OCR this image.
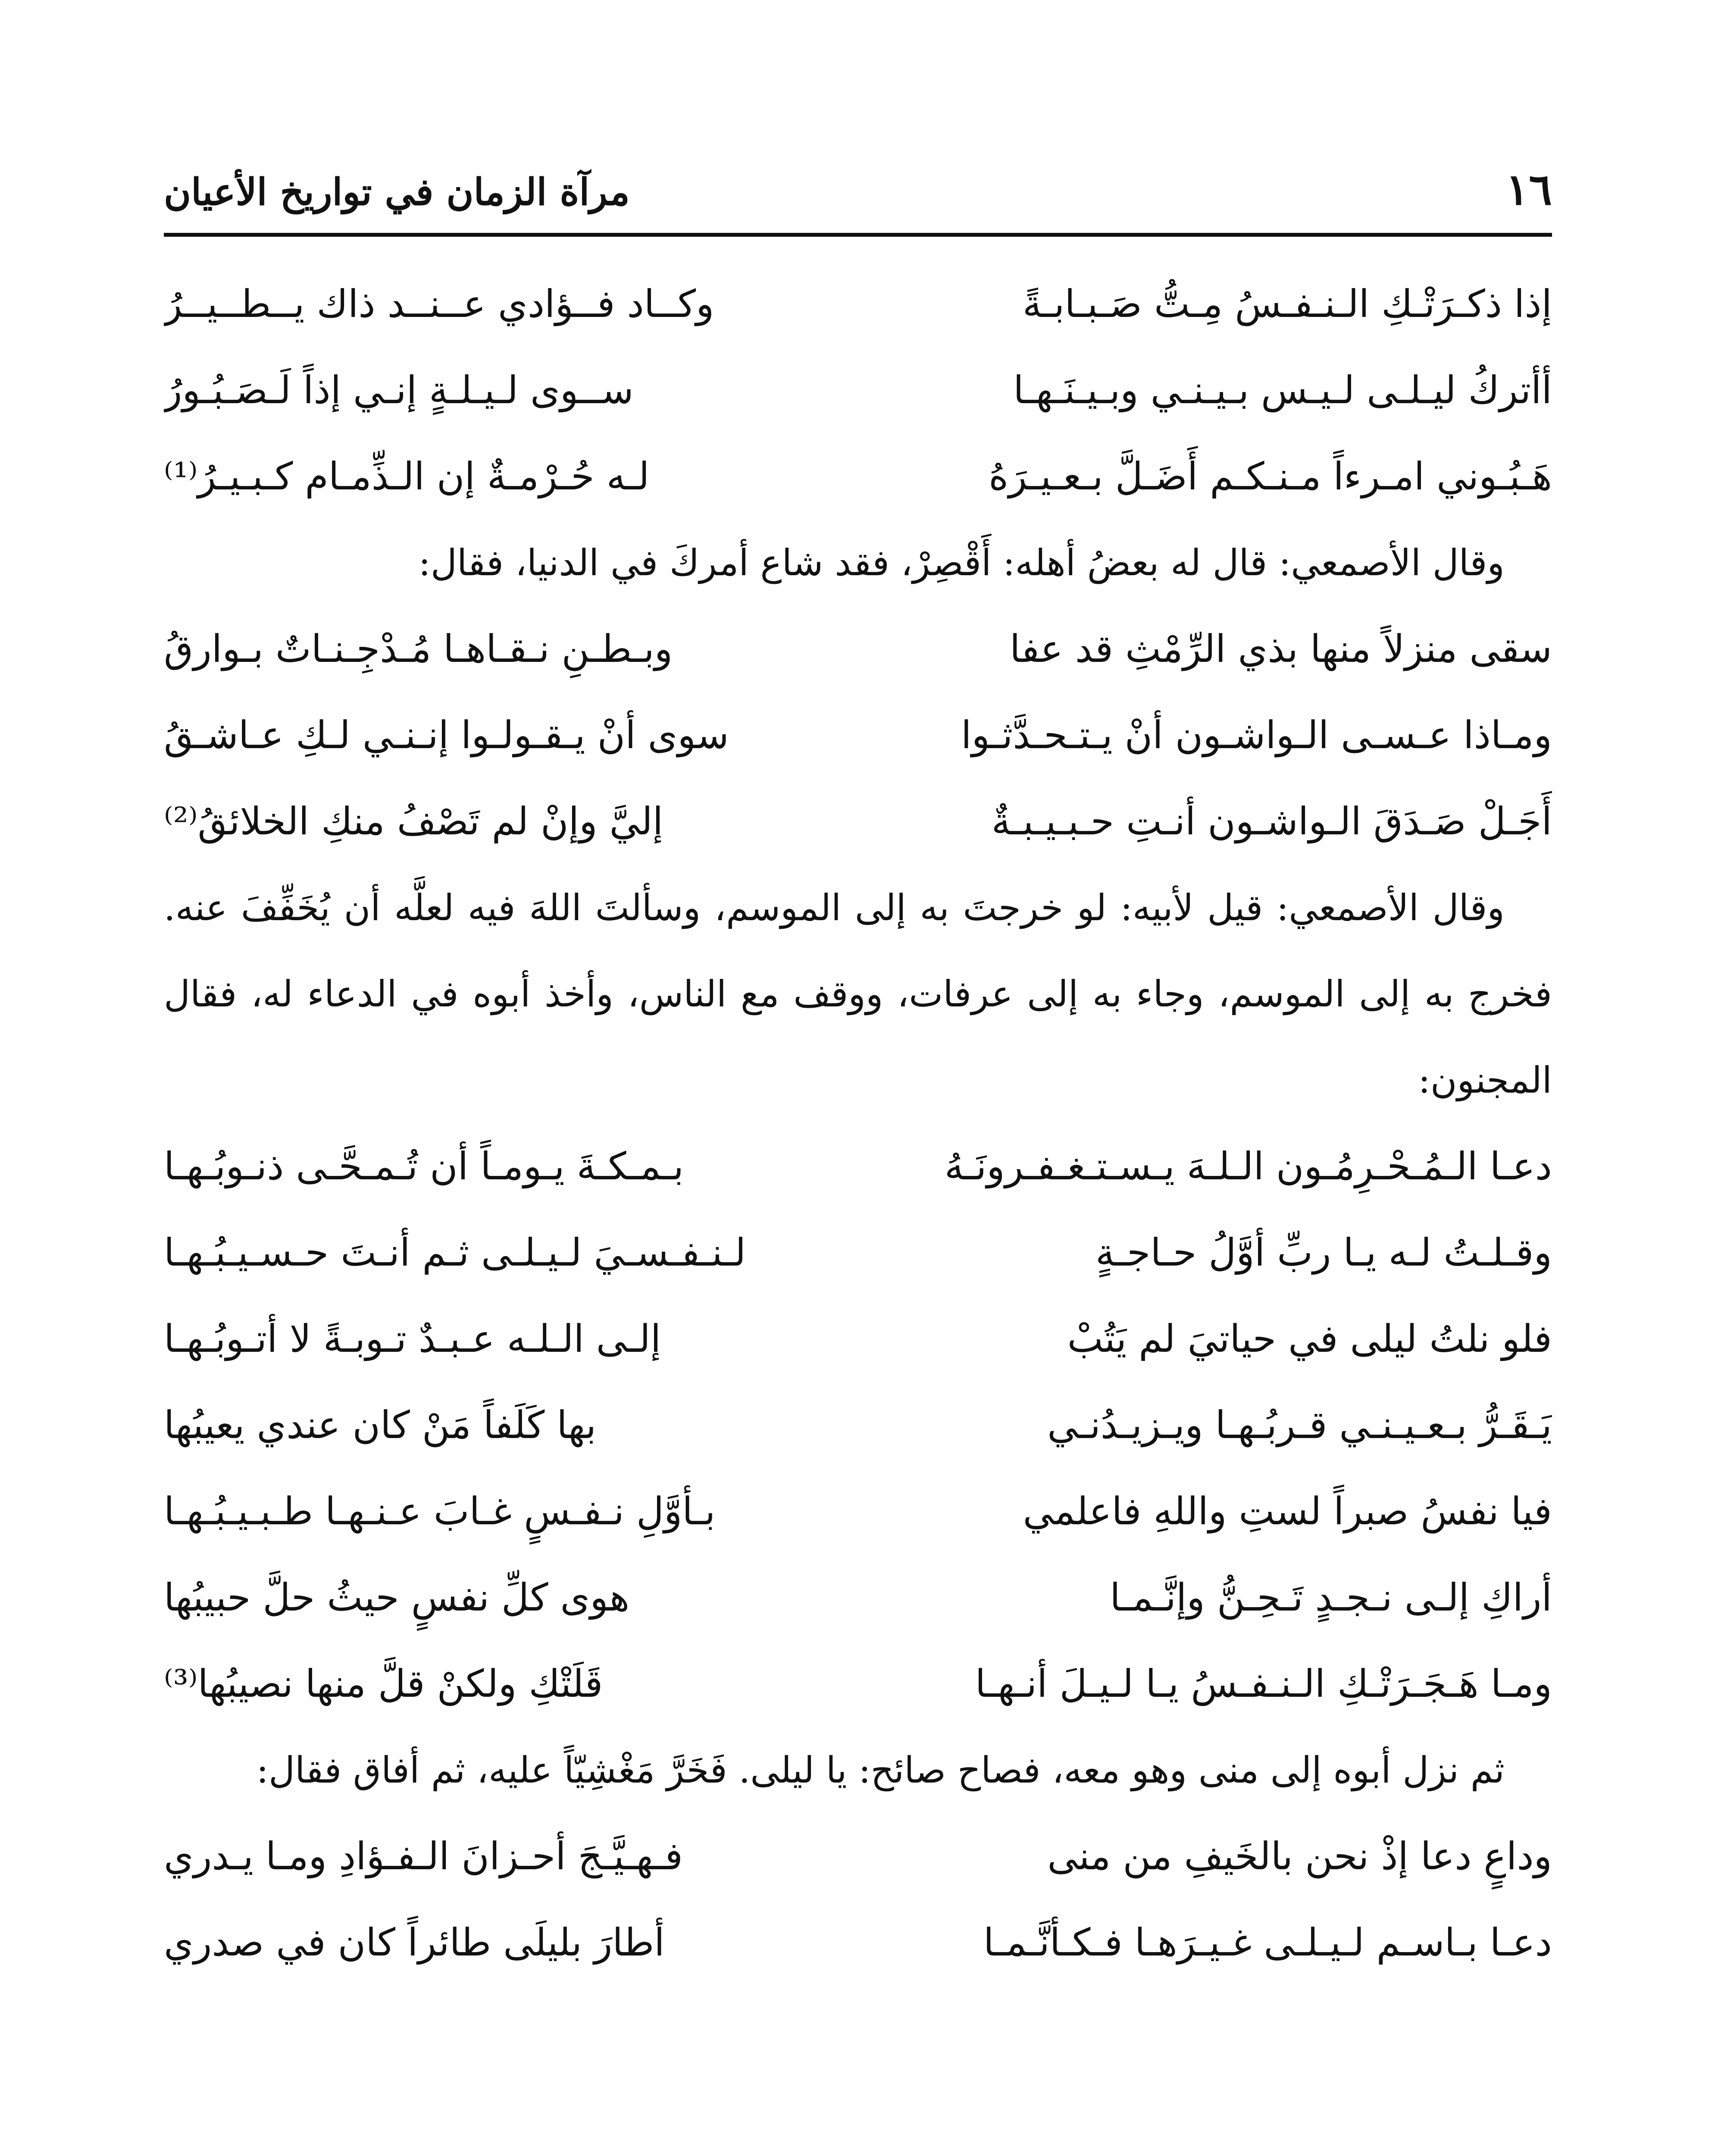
١٦
مرآة الزمان في تواريخ الأعيان
إذا ذكـرَتْـكِ الـنـفـسُ مِـتُّ صَـبـابـةً
وكــاد فــؤادي عــنــد ذاك يــطــيــرُ
أأتركُ ليـلـى لـيـس بـيـنـي وبـيـنَـهـا
ســوى لـيـلـةٍ إنـي إذاً لَـصَـبُـورُ
هَـبُـوني امـرءاً مـنـكـم أَضَـلَّ بـعـيـرَهُ
لـه حُـرْمـةٌ إن الـذِّمـام كـبـيـرُ⁽¹⁾

وقال الأصمعي: قال له بعضُ أهله: أَقْصِرْ، فقد شاع أمركَ في الدنيا، فقال:

سقى منزلاً منها بذي الرِّمْثِ قد عفا
وبـطـنِ نـقـاهـا مُـدْجِـنـاتٌ بـوارقُ
ومـاذا عـسـى الـواشـون أنْ يـتـحـدَّثـوا
سوى أنْ يـقـولـوا إنـنـي لـكِ عـاشـقُ
أَجَـلْ صَـدَقَ الـواشـون أنـتِ حـبـيـبـةٌ
إليَّ وإنْ لم تَصْفُ منكِ الخلائقُ⁽²⁾

وقال الأصمعي: قيل لأبيه: لو خرجتَ به إلى الموسم، وسألتَ اللهَ فيه لعلَّه أن يُخَفِّفَ عنه. فخرج به إلى الموسم، وجاء به إلى عرفات، ووقف مع الناس، وأخذ أبوه في الدعاء له، فقال المجنون:

دعـا الـمُـحْـرِمُـون الـلـهَ يـسـتـغـفـرونَـهُ
بـمـكـةَ يـومـاً أن تُـمـحَّـى ذنـوبُـهـا
وقـلـتُ لـه يـا ربِّ أوَّلُ حـاجـةٍ
لـنـفـسـيَ لـيـلـى ثـم أنـتَ حـسـيـبُـهـا
فلو نلتُ ليلى في حياتيَ لم يَتُبْ
إلـى الـلـه عـبـدٌ تـوبـةً لا أتـوبُـهـا
يَـقَـرُّ بـعـيـنـي قـربُـهـا ويـزيـدُنـي
بها كَلَفاً مَنْ كان عندي يعيبُها
فيا نفسُ صبراً لستِ واللهِ فاعلمي
بـأوَّلِ نـفـسٍ غـابَ عـنـهـا طـبـيـبُـهـا
أراكِ إلـى نـجـدٍ تَـحِـنُّ وإنَّـمـا
هوى كلِّ نفسٍ حيثُ حلَّ حبيبُها
ومـا هَـجَـرَتْـكِ الـنـفـسُ يـا لـيـلَ أنـهـا
قَلَتْكِ ولكنْ قلَّ منها نصيبُها⁽³⁾

ثم نزل أبوه إلى منى وهو معه، فصاح صائح: يا ليلى. فَخَرَّ مَغْشِيّاً عليه، ثم أفاق فقال:

وداعٍ دعا إذْ نحن بالخَيفِ من منى
فـهـيَّـجَ أحـزانَ الـفـؤادِ ومـا يـدري
دعـا بـاسـم لـيـلـى غـيـرَهـا فـكـأنَّـمـا
أطارَ بليلَى طائراً كان في صدري
